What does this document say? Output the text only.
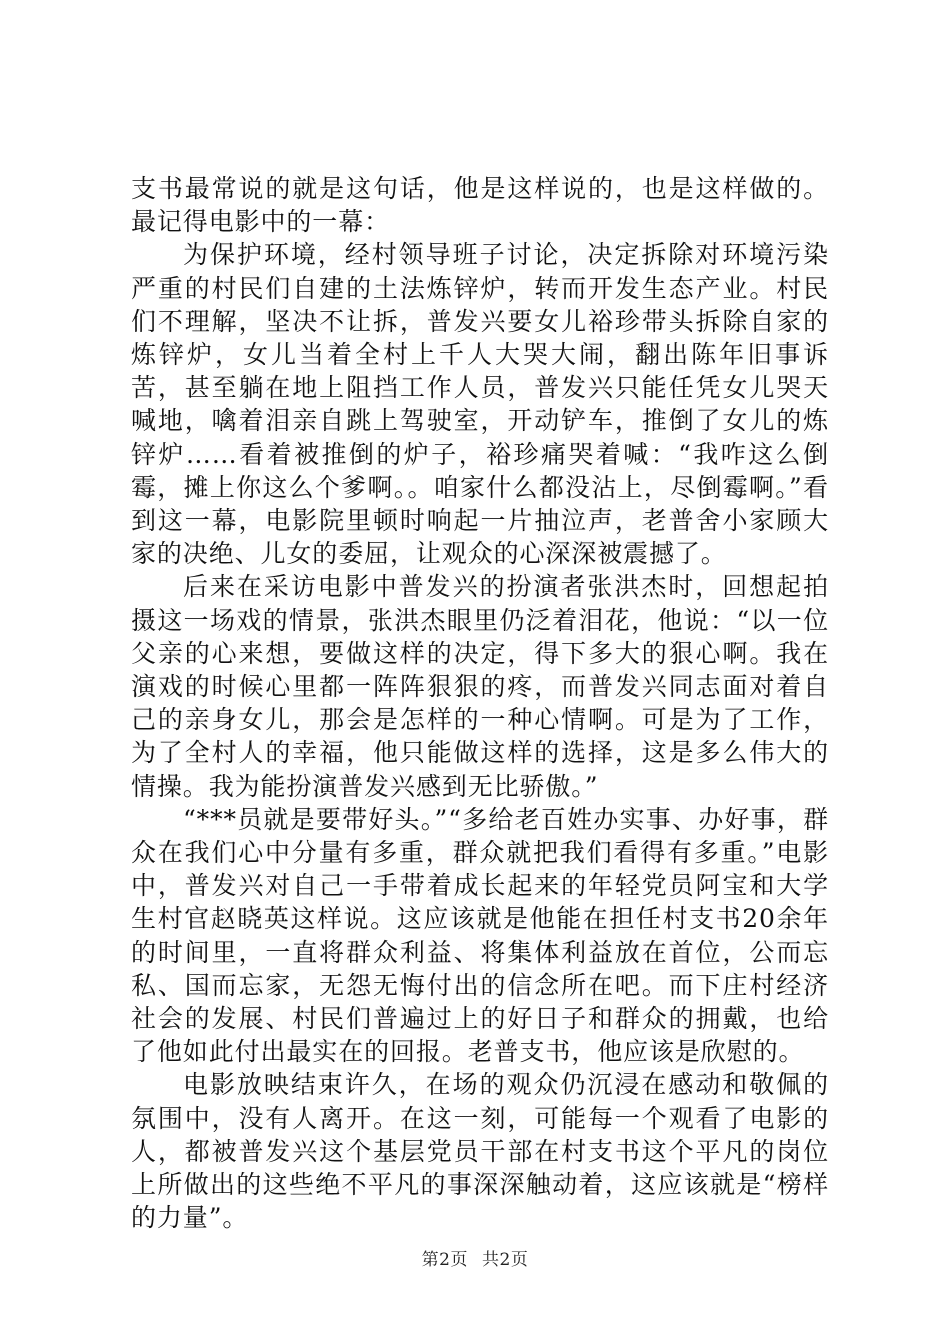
支书最常说的就是这句话，他是这样说的，也是这样做的。最记得电影中的一幕：

为保护环境，经村领导班子讨论，决定拆除对环境污染严重的村民们自建的土法炼锌炉，转而开发生态产业。村民们不理解，坚决不让拆，普发兴要女儿裕珍带头拆除自家的炼锌炉，女儿当着全村上千人大哭大闹，翻出陈年旧事诉苦，甚至躺在地上阻挡工作人员，普发兴只能任凭女儿哭天喊地，噙着泪亲自跳上驾驶室，开动铲车，推倒了女儿的炼锌炉……看着被推倒的炉子，裕珍痛哭着喊：“我咋这么倒霉，摊上你这么个爹啊。。咱家什么都没沾上，尽倒霉啊。”看到这一幕，电影院里顿时响起一片抽泣声，老普舍小家顾大家的决绝、儿女的委屈，让观众的心深深被震撼了。

后来在采访电影中普发兴的扮演者张洪杰时，回想起拍摄这一场戏的情景，张洪杰眼里仍泛着泪花，他说：“以一位父亲的心来想，要做这样的决定，得下多大的狠心啊。我在演戏的时候心里都一阵阵狠狠的疼，而普发兴同志面对着自己的亲身女儿，那会是怎样的一种心情啊。可是为了工作，为了全村人的幸福，他只能做这样的选择，这是多么伟大的情操。我为能扮演普发兴感到无比骄傲。”

“***员就是要带好头。”“多给老百姓办实事、办好事，群众在我们心中分量有多重，群众就把我们看得有多重。”电影中，普发兴对自己一手带着成长起来的年轻党员阿宝和大学生村官赵晓英这样说。这应该就是他能在担任村支书20余年的时间里，一直将群众利益、将集体利益放在首位，公而忘私、国而忘家，无怨无悔付出的信念所在吧。而下庄村经济社会的发展、村民们普遍过上的好日子和群众的拥戴，也给了他如此付出最实在的回报。老普支书，他应该是欣慰的。

电影放映结束许久，在场的观众仍沉浸在感动和敬佩的氛围中，没有人离开。在这一刻，可能每一个观看了电影的人，都被普发兴这个基层党员干部在村支书这个平凡的岗位上所做出的这些绝不平凡的事深深触动着，这应该就是“榜样的力量”。

第2页 共2页
